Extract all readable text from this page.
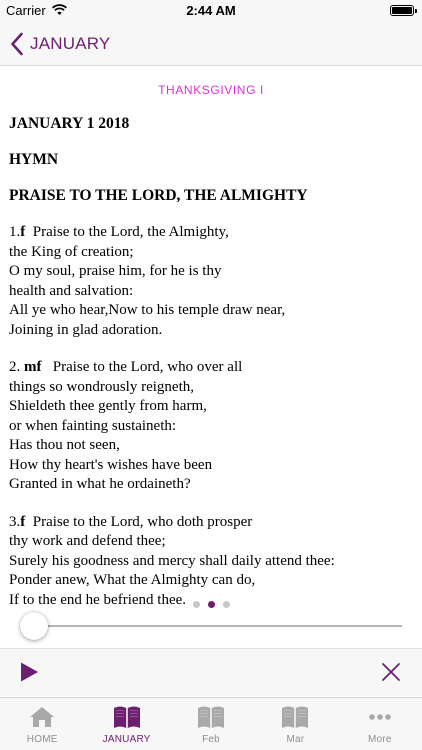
Carrier	2:44 AM
JANUARY
THANKSGIVING I
JANUARY 1 2018
HYMN
PRAISE TO THE LORD, THE ALMIGHTY
1.f  Praise to the Lord, the Almighty,
the King of creation;
O my soul, praise him, for he is thy
health and salvation:
All ye who hear,Now to his temple draw near,
Joining in glad adoration.
2. mf   Praise to the Lord, who over all
things so wondrously reigneth,
Shieldeth thee gently from harm,
or when fainting sustaineth:
Has thou not seen,
How thy heart's wishes have been
Granted in what he ordaineth?
3.f  Praise to the Lord, who doth prosper
thy work and defend thee;
Surely his goodness and mercy shall daily attend thee:
Ponder anew, What the Almighty can do,
If to the end he befriend thee.
HOME	JANUARY	Feb	Mar	More
